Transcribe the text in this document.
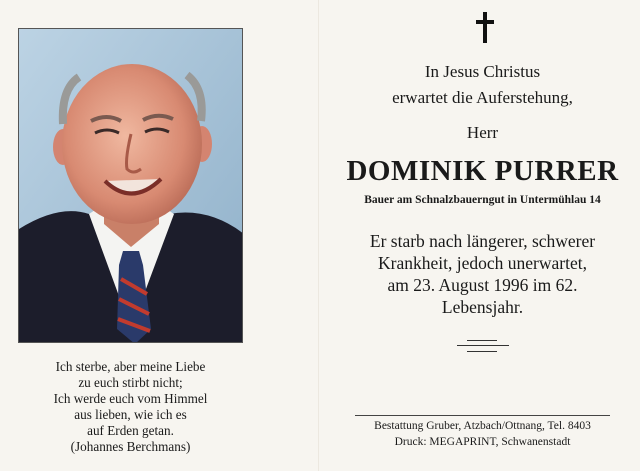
Ich sterbe, aber meine Liebe
zu euch stirbt nicht;
Ich werde euch vom Himmel
aus lieben, wie ich es
auf Erden getan.
(Johannes Berchmans)
In Jesus Christus
erwartet die Auferstehung,
Herr
DOMINIK PURRER
Bauer am Schnalzbauerngut in Untermühlau 14
Er starb nach längerer, schwerer
Krankheit, jedoch unerwartet,
am 23. August 1996 im 62.
Lebensjahr.
Bestattung Gruber, Atzbach/Ottnang, Tel. 8403
Druck: MEGAPRINT, Schwanenstadt
